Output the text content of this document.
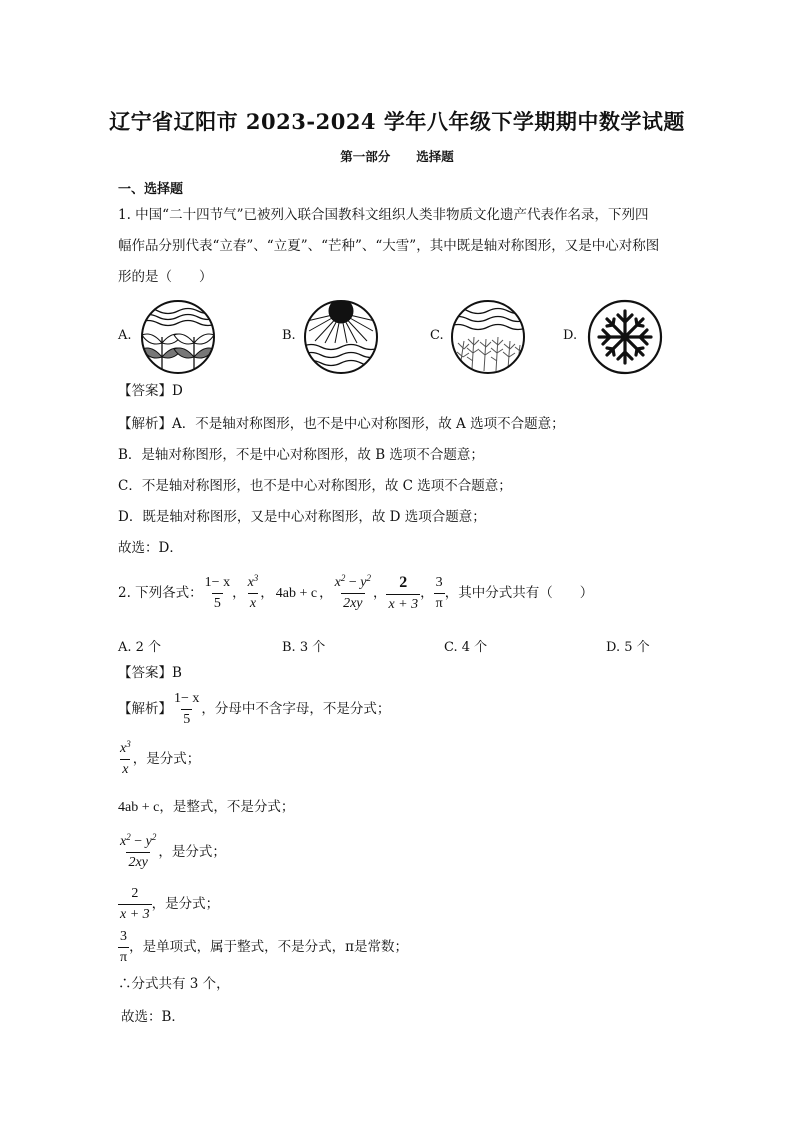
辽宁省辽阳市 2023-2024 学年八年级下学期期中数学试题
第一部分 选择题
一、选择题
1. 中国“二十四节气”已被列入联合国教科文组织人类非物质文化遗产代表作名录，下列四
幅作品分别代表“立春”、“立夏”、“芒种”、“大雪”，其中既是轴对称图形，又是中心对称图
形的是（　　）
A.	B.	C.	D.
【答案】D
【解析】A．不是轴对称图形，也不是中心对称图形，故 A 选项不合题意；
B．是轴对称图形，不是中心对称图形，故 B 选项不合题意；
C．不是轴对称图形，也不是中心对称图形，故 C 选项不合题意；
D．既是轴对称图形，又是中心对称图形，故 D 选项合题意；
故选：D．
2. 下列各式： $\frac{1- x}{5}$ ， $\frac{x^3}{x}$ ， 4ab + c ， $\frac{x^2 - y^2}{2xy}$ ， $\frac{2}{x + 3}$ ， $\frac{3}{\pi}$ ，其中分式共有（　　）
A. 2 个	B. 3 个	C. 4 个	D. 5 个
【答案】B
【解析】 $\frac{1- x}{5}$ ，分母中不含字母，不是分式；
$\frac{x^3}{x}$ ，是分式；
4ab + c ，是整式，不是分式；
$\frac{x^2 - y^2}{2xy}$ ，是分式；
$\frac{2}{x + 3}$ ，是分式；
$\frac{3}{\pi}$ ，是单项式，属于整式，不是分式，π是常数；
∴分式共有 3 个，
故选：B．
